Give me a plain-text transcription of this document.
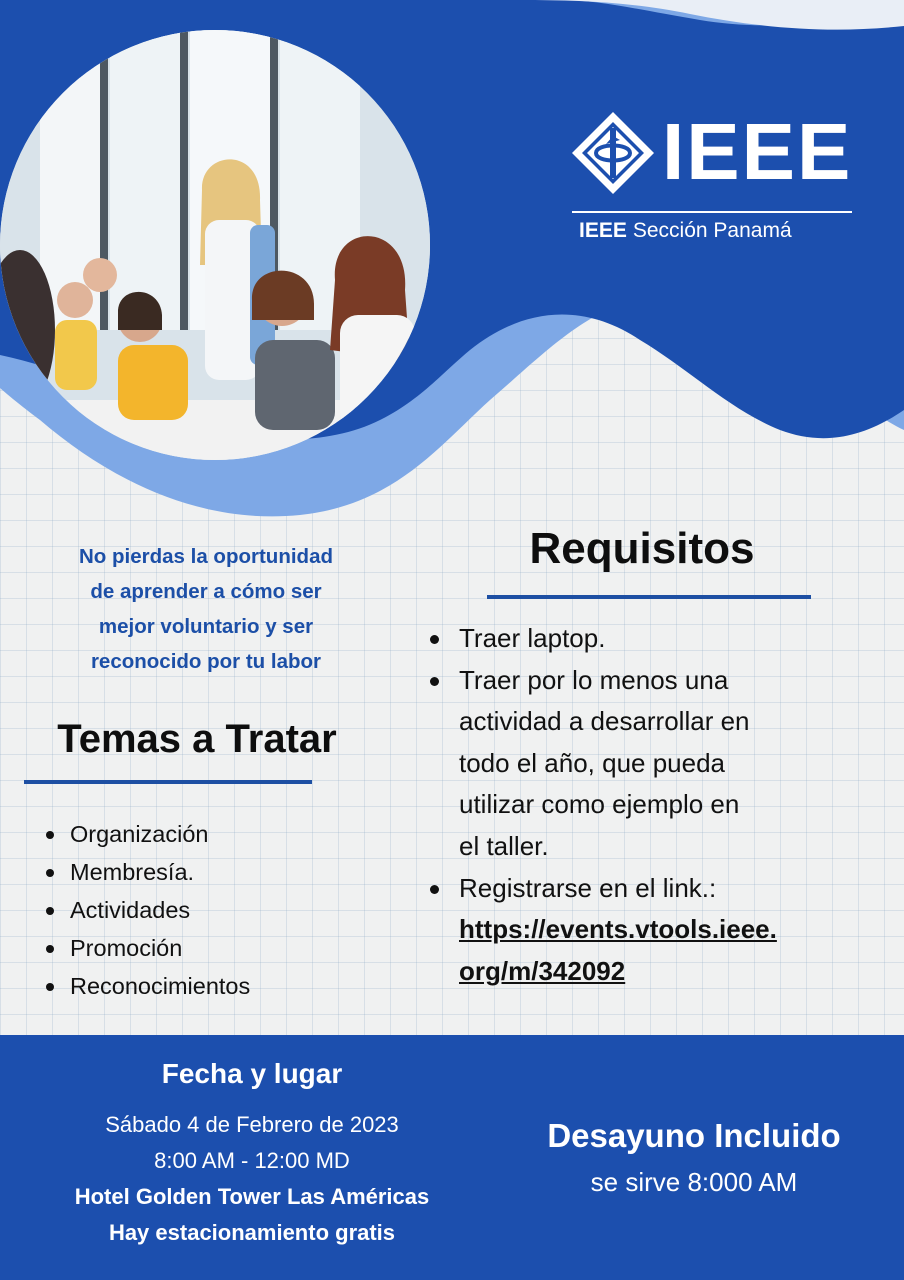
IEEE
IEEE Sección Panamá
No pierdas la oportunidad
de aprender a cómo ser
mejor voluntario y ser
reconocido por tu labor
Temas a Tratar
Organización
Membresía.
Actividades
Promoción
Reconocimientos
Requisitos
Traer laptop.
Traer por lo menos una
actividad a desarrollar en
todo el año, que pueda
utilizar como ejemplo en
el taller.
Registrarse en el link.:
https://events.vtools.ieee.
org/m/342092
Fecha y lugar
Sábado 4 de Febrero de 2023
8:00 AM - 12:00 MD
Hotel Golden Tower Las Américas
Hay estacionamiento gratis
Desayuno Incluido
se sirve 8:000 AM
